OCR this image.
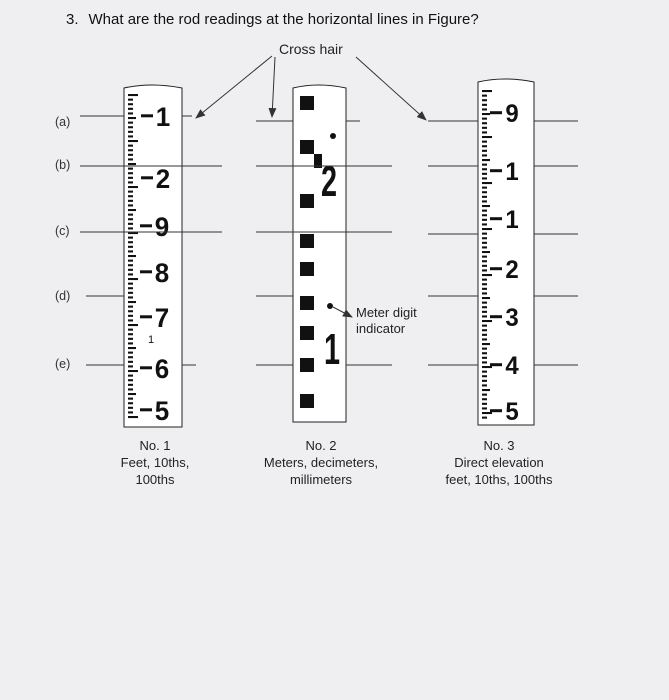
3. What are the rod readings at the horizontal lines in Figure?
Cross hair
(a)
(b)
(c)
(d)
(e)
1
2
9
8
7
6
5
1
2
1
9
1
1
2
3
4
5
Meter digit
indicator
No. 1
Feet, 10ths,
100ths
No. 2
Meters, decimeters,
millimeters
No. 3
Direct elevation
feet, 10ths, 100ths
